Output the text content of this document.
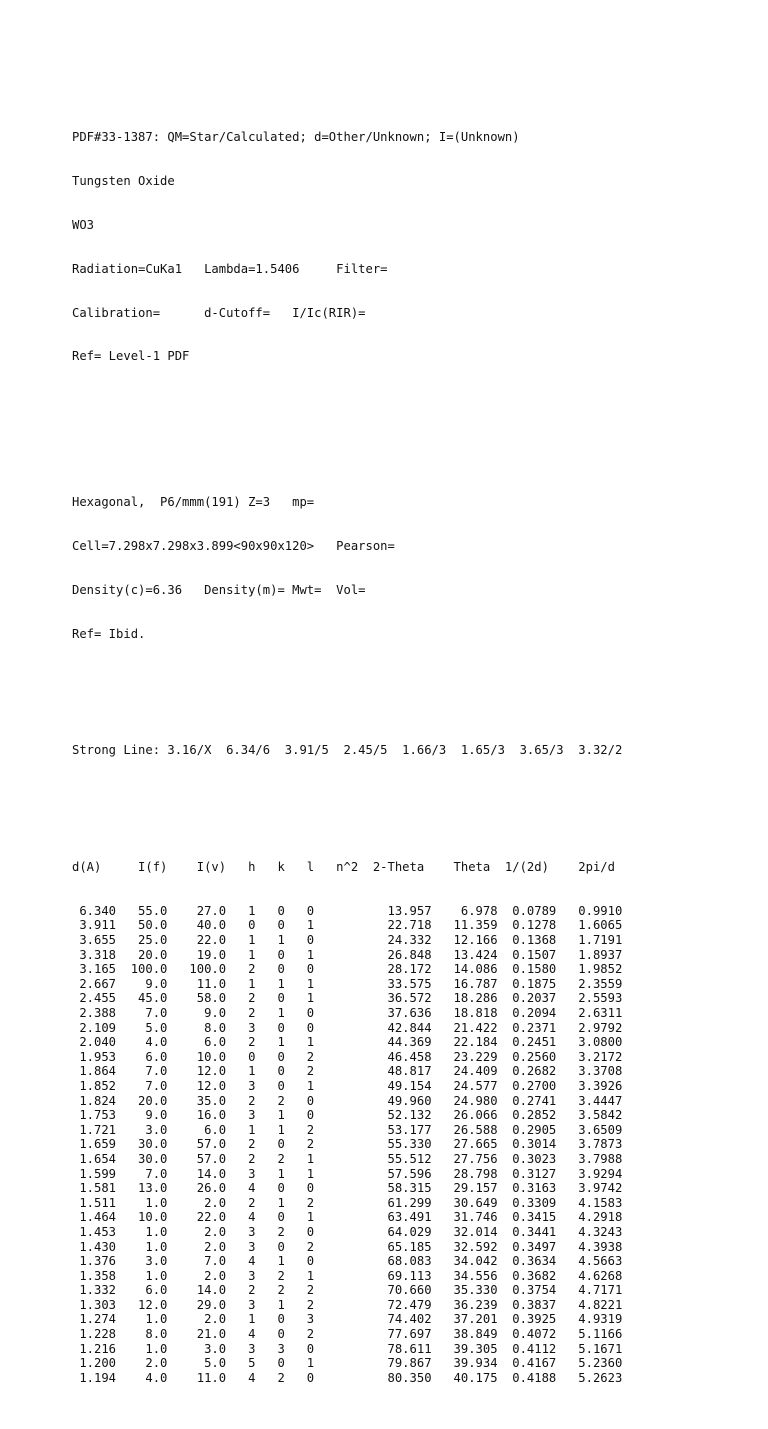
PDF#33-1387: QM=Star/Calculated; d=Other/Unknown; I=(Unknown)

Tungsten Oxide

WO3

Radiation=CuKa1   Lambda=1.5406     Filter=

Calibration=      d-Cutoff=   I/Ic(RIR)=

Ref= Level-1 PDF

Hexagonal,  P6/mmm(191) Z=3   mp=

Cell=7.298x7.298x3.899<90x90x120>   Pearson=

Density(c)=6.36   Density(m)= Mwt=  Vol=

Ref= Ibid.

Strong Line: 3.16/X  6.34/6  3.91/5  2.45/5  1.66/3  1.65/3  3.65/3  3.32/2

d(A)     I(f)    I(v)   h   k   l   n^2  2-Theta    Theta  1/(2d)    2pi/d

6.340   55.0    27.0   1   0   0          13.957    6.978  0.0789   0.9910
3.911   50.0    40.0   0   0   1          22.718   11.359  0.1278   1.6065
3.655   25.0    22.0   1   1   0          24.332   12.166  0.1368   1.7191
3.318   20.0    19.0   1   0   1          26.848   13.424  0.1507   1.8937
3.165  100.0   100.0   2   0   0          28.172   14.086  0.1580   1.9852
2.667    9.0    11.0   1   1   1          33.575   16.787  0.1875   2.3559
2.455   45.0    58.0   2   0   1          36.572   18.286  0.2037   2.5593
2.388    7.0     9.0   2   1   0          37.636   18.818  0.2094   2.6311
2.109    5.0     8.0   3   0   0          42.844   21.422  0.2371   2.9792
2.040    4.0     6.0   2   1   1          44.369   22.184  0.2451   3.0800
1.953    6.0    10.0   0   0   2          46.458   23.229  0.2560   3.2172
1.864    7.0    12.0   1   0   2          48.817   24.409  0.2682   3.3708
1.852    7.0    12.0   3   0   1          49.154   24.577  0.2700   3.3926
1.824   20.0    35.0   2   2   0          49.960   24.980  0.2741   3.4447
1.753    9.0    16.0   3   1   0          52.132   26.066  0.2852   3.5842
1.721    3.0     6.0   1   1   2          53.177   26.588  0.2905   3.6509
1.659   30.0    57.0   2   0   2          55.330   27.665  0.3014   3.7873
1.654   30.0    57.0   2   2   1          55.512   27.756  0.3023   3.7988
1.599    7.0    14.0   3   1   1          57.596   28.798  0.3127   3.9294
1.581   13.0    26.0   4   0   0          58.315   29.157  0.3163   3.9742
1.511    1.0     2.0   2   1   2          61.299   30.649  0.3309   4.1583
1.464   10.0    22.0   4   0   1          63.491   31.746  0.3415   4.2918
1.453    1.0     2.0   3   2   0          64.029   32.014  0.3441   4.3243
1.430    1.0     2.0   3   0   2          65.185   32.592  0.3497   4.3938
1.376    3.0     7.0   4   1   0          68.083   34.042  0.3634   4.5663
1.358    1.0     2.0   3   2   1          69.113   34.556  0.3682   4.6268
1.332    6.0    14.0   2   2   2          70.660   35.330  0.3754   4.7171
1.303   12.0    29.0   3   1   2          72.479   36.239  0.3837   4.8221
1.274    1.0     2.0   1   0   3          74.402   37.201  0.3925   4.9319
1.228    8.0    21.0   4   0   2          77.697   38.849  0.4072   5.1166
1.216    1.0     3.0   3   3   0          78.611   39.305  0.4112   5.1671
1.200    2.0     5.0   5   0   1          79.867   39.934  0.4167   5.2360
1.194    4.0    11.0   4   2   0          80.350   40.175  0.4188   5.2623
